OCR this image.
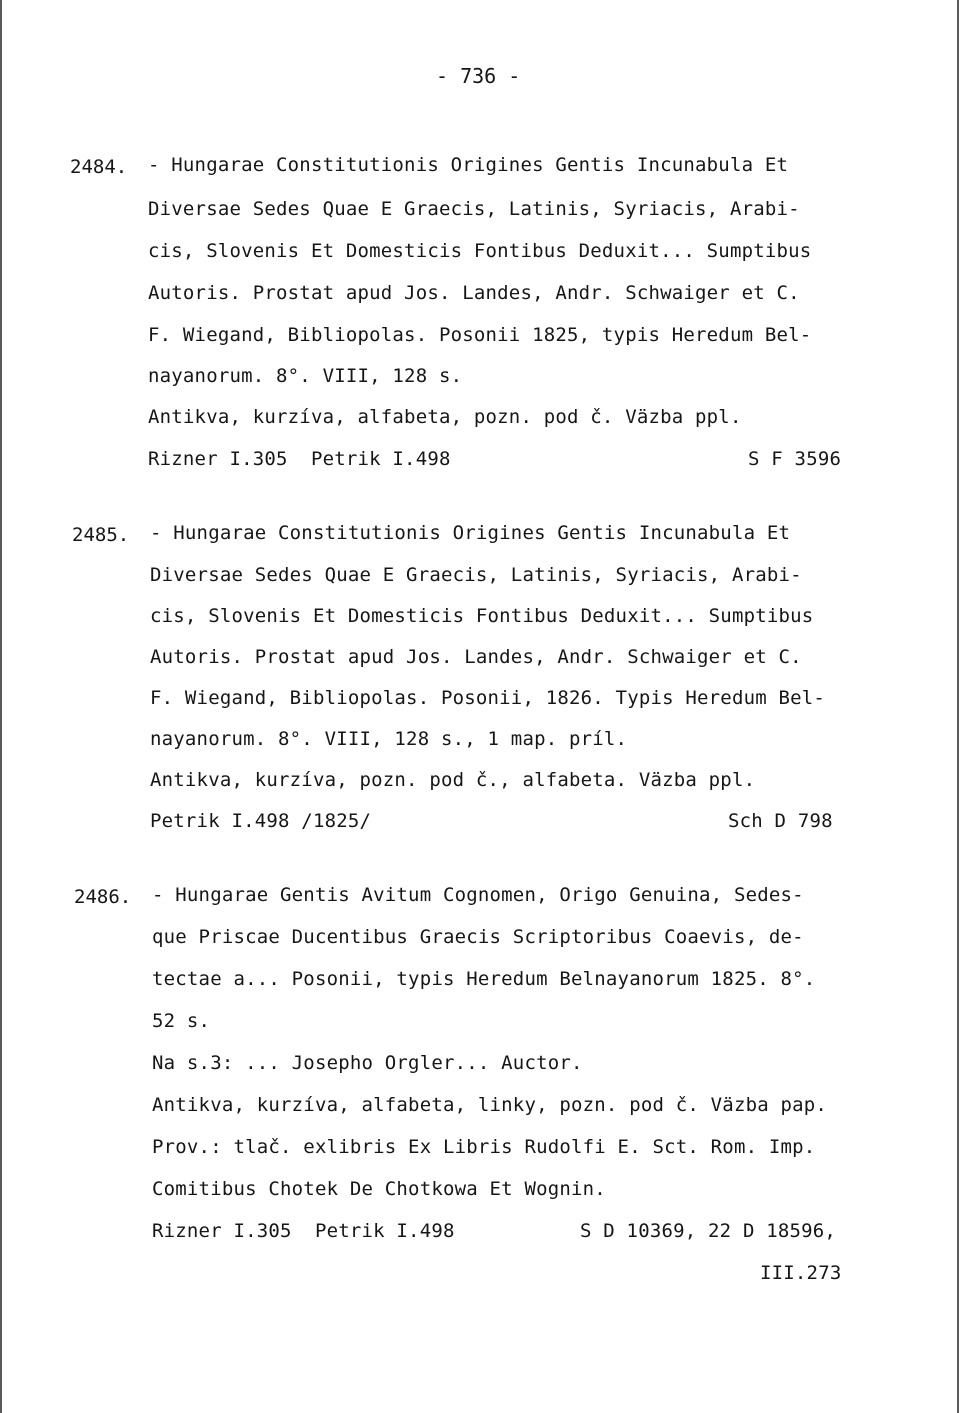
- 736 -
2484. - Hungarae Constitutionis Origines Gentis Incunabula Et
Diversae Sedes Quae E Graecis, Latinis, Syriacis, Arabi-
cis, Slovenis Et Domesticis Fontibus Deduxit... Sumptibus
Autoris. Prostat apud Jos. Landes, Andr. Schwaiger et C.
F. Wiegand, Bibliopolas. Posonii 1825, typis Heredum Bel-
nayanorum. 8°. VIII, 128 s.
Antikva, kurzíva, alfabeta, pozn. pod č. Väzba ppl.
Rizner I.305  Petrik I.498	S F 3596
2485. - Hungarae Constitutionis Origines Gentis Incunabula Et
Diversae Sedes Quae E Graecis, Latinis, Syriacis, Arabi-
cis, Slovenis Et Domesticis Fontibus Deduxit... Sumptibus
Autoris. Prostat apud Jos. Landes, Andr. Schwaiger et C.
F. Wiegand, Bibliopolas. Posonii, 1826. Typis Heredum Bel-
nayanorum. 8°. VIII, 128 s., 1 map. príl.
Antikva, kurzíva, pozn. pod č., alfabeta. Väzba ppl.
Petrik I.498 /1825/	Sch D 798
2486. - Hungarae Gentis Avitum Cognomen, Origo Genuina, Sedes-
que Priscae Ducentibus Graecis Scriptoribus Coaevis, de-
tectae a... Posonii, typis Heredum Belnayanorum 1825. 8°.
52 s.
Na s.3: ... Josepho Orgler... Auctor.
Antikva, kurzíva, alfabeta, linky, pozn. pod č. Väzba pap.
Prov.: tlač. exlibris Ex Libris Rudolfi E. Sct. Rom. Imp.
Comitibus Chotek De Chotkowa Et Wognin.
Rizner I.305  Petrik I.498	S D 10369, 22 D 18596,
III.273
